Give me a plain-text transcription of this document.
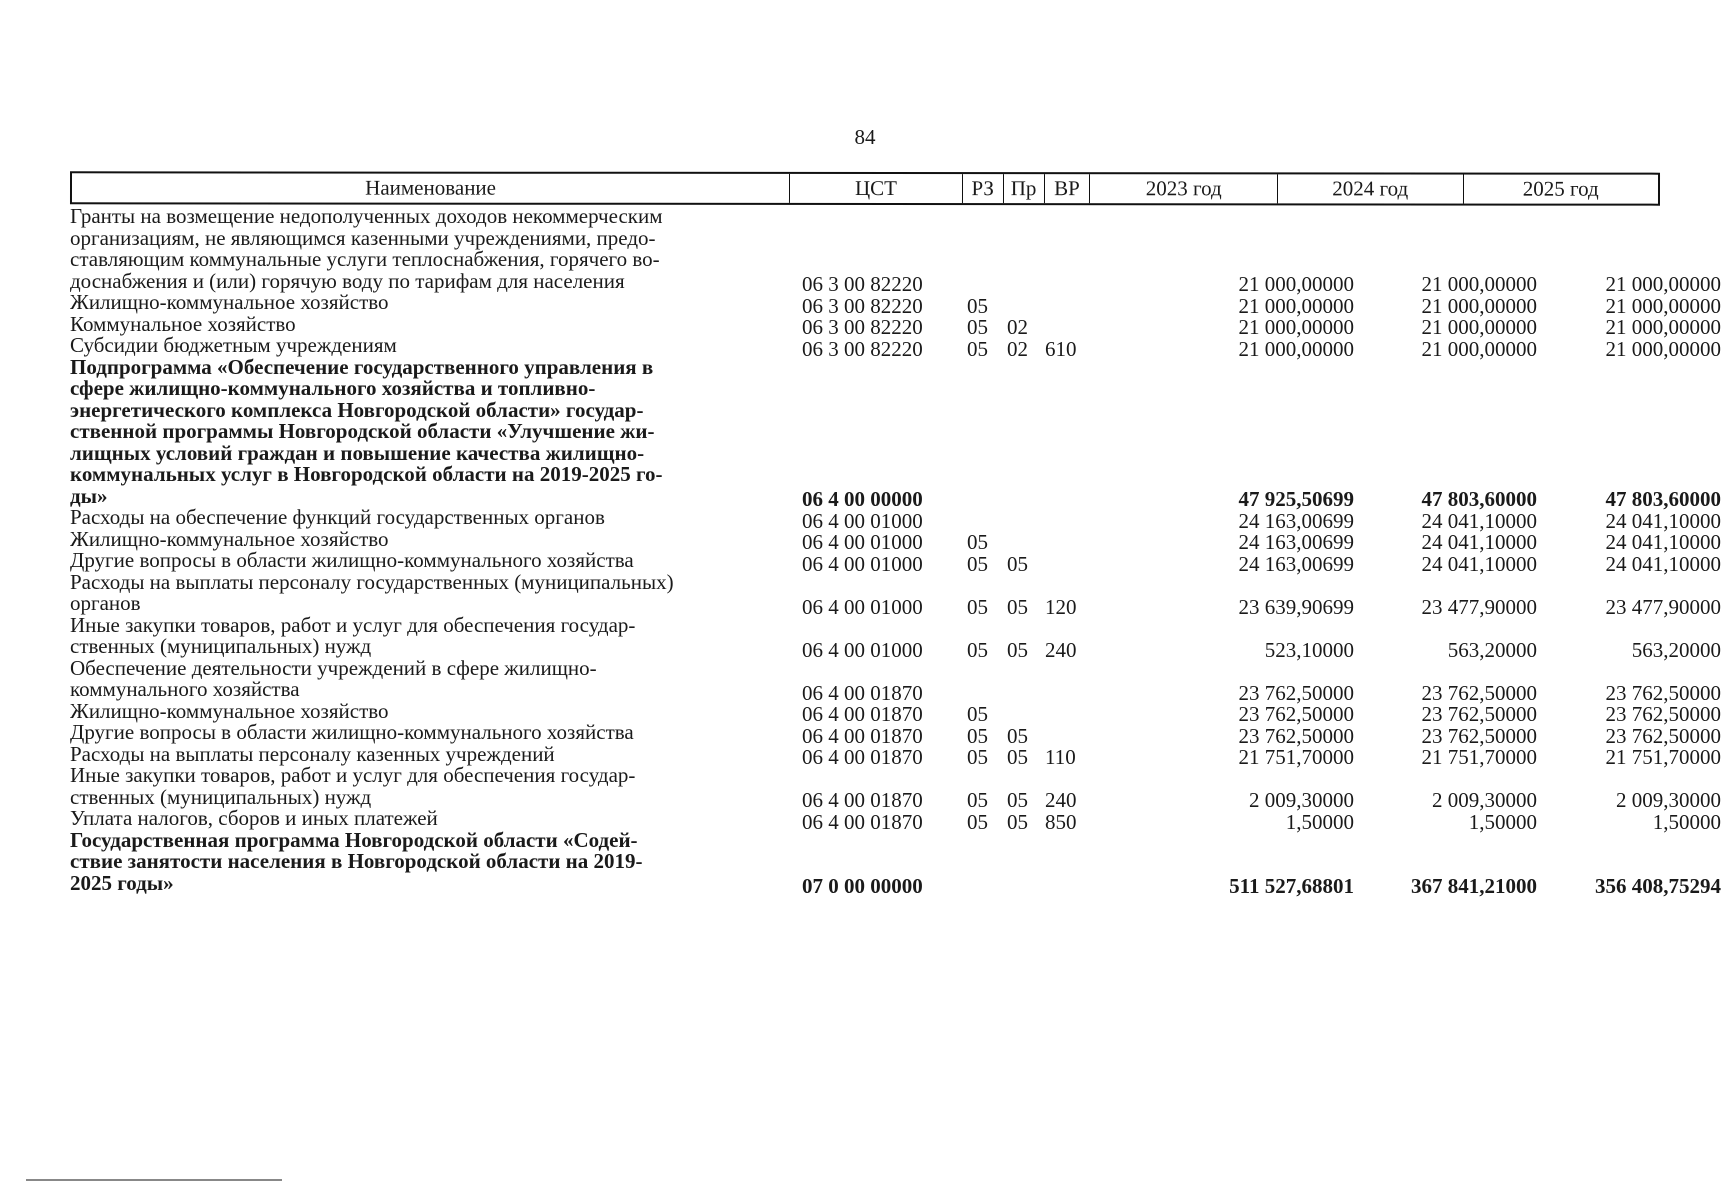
84
Наименование	ЦСТ	РЗ Пр ВР	2023 год	2024 год	2025 год
Гранты на возмещение недополученных доходов некоммерческим
организациям, не являющимся казенными учреждениями, предо-
ставляющим коммунальные услуги теплоснабжения, горячего во-
доснабжения и (или) горячую воду по тарифам для населения	06 3 00 82220	21 000,00000	21 000,00000	21 000,00000
Жилищно-коммунальное хозяйство	06 3 00 82220 05	21 000,00000	21 000,00000	21 000,00000
Коммунальное хозяйство	06 3 00 82220 05 02	21 000,00000	21 000,00000	21 000,00000
Субсидии бюджетным учреждениям	06 3 00 82220 05 02 610	21 000,00000	21 000,00000	21 000,00000
Подпрограмма «Обеспечение государственного управления в
сфере жилищно-коммунального хозяйства и топливно-
энергетического комплекса Новгородской области» государ-
ственной программы Новгородской области «Улучшение жи-
лищных условий граждан и повышение качества жилищно-
коммунальных услуг в Новгородской области на 2019-2025 го-
ды»	06 4 00 00000	47 925,50699	47 803,60000	47 803,60000
Расходы на обеспечение функций государственных органов	06 4 00 01000	24 163,00699	24 041,10000	24 041,10000
Жилищно-коммунальное хозяйство	06 4 00 01000 05	24 163,00699	24 041,10000	24 041,10000
Другие вопросы в области жилищно-коммунального хозяйства	06 4 00 01000 05 05	24 163,00699	24 041,10000	24 041,10000
Расходы на выплаты персоналу государственных (муниципальных)
органов	06 4 00 01000 05 05 120	23 639,90699	23 477,90000	23 477,90000
Иные закупки товаров, работ и услуг для обеспечения государ-
ственных (муниципальных) нужд	06 4 00 01000 05 05 240	523,10000	563,20000	563,20000
Обеспечение деятельности учреждений в сфере жилищно-
коммунального хозяйства	06 4 00 01870	23 762,50000	23 762,50000	23 762,50000
Жилищно-коммунальное хозяйство	06 4 00 01870 05	23 762,50000	23 762,50000	23 762,50000
Другие вопросы в области жилищно-коммунального хозяйства	06 4 00 01870 05 05	23 762,50000	23 762,50000	23 762,50000
Расходы на выплаты персоналу казенных учреждений	06 4 00 01870 05 05 110	21 751,70000	21 751,70000	21 751,70000
Иные закупки товаров, работ и услуг для обеспечения государ-
ственных (муниципальных) нужд	06 4 00 01870 05 05 240	2 009,30000	2 009,30000	2 009,30000
Уплата налогов, сборов и иных платежей	06 4 00 01870 05 05 850	1,50000	1,50000	1,50000
Государственная программа Новгородской области «Содей-
ствие занятости населения в Новгородской области на 2019-
2025 годы»	07 0 00 00000	511 527,68801	367 841,21000	356 408,75294
